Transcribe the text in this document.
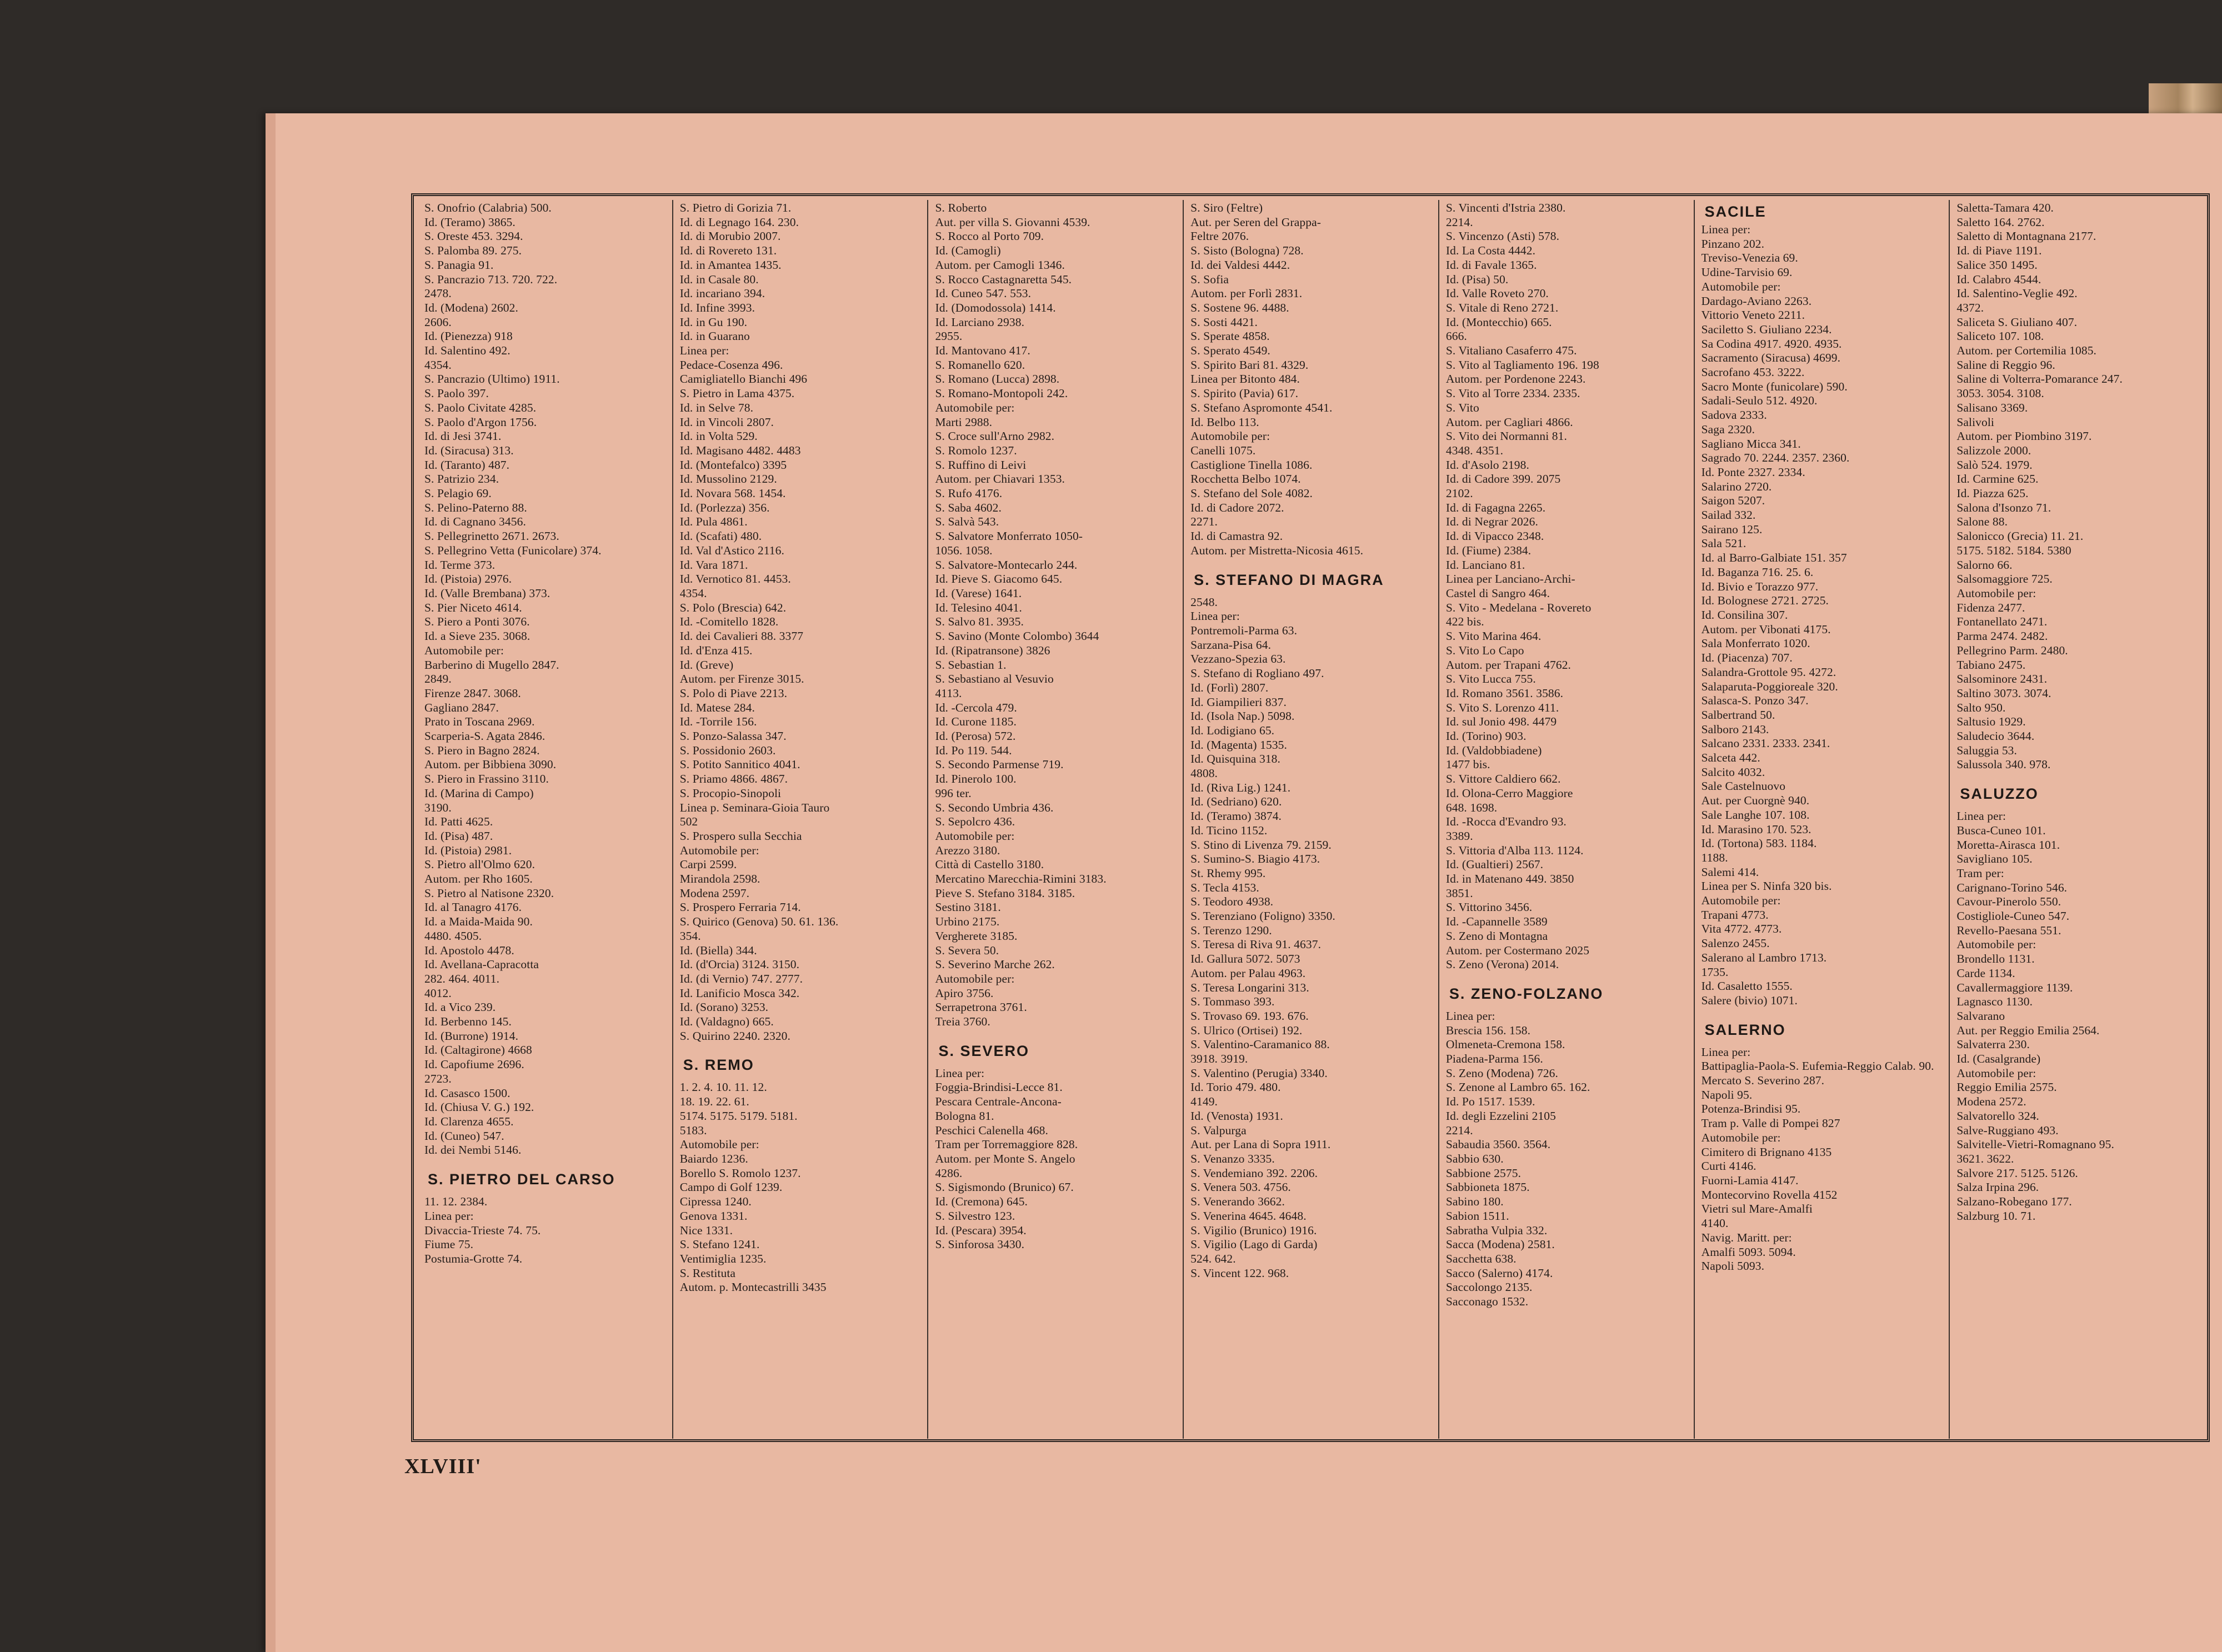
S. Onofrio (Calabria) 500.
Id. (Teramo) 3865.
S. Oreste 453. 3294.
S. Palomba 89. 275.
S. Panagia 91.
S. Pancrazio 713. 720. 722.
2478.
Id. (Modena) 2602.
2606.
Id. (Pienezza) 918
Id. Salentino 492.
4354.
S. Pancrazio (Ultimo) 1911.
S. Paolo 397.
S. Paolo Civitate 4285.
S. Paolo d'Argon 1756.
Id. di Jesi 3741.
Id. (Siracusa) 313.
Id. (Taranto) 487.
S. Patrizio 234.
S. Pelagio 69.
S. Pelino-Paterno 88.
Id. di Cagnano 3456.
S. Pellegrinetto 2671. 2673.
S. Pellegrino Vetta (Funicolare) 374.
Id. Terme 373.
Id. (Pistoia) 2976.
Id. (Valle Brembana) 373.
S. Pier Niceto 4614.
S. Piero a Ponti 3076.
Id. a Sieve 235. 3068.
Automobile per:
Barberino di Mugello 2847.
2849.
Firenze 2847. 3068.
Gagliano 2847.
Prato in Toscana 2969.
Scarperia-S. Agata 2846.
S. Piero in Bagno 2824.
Autom. per Bibbiena 3090.
S. Piero in Frassino 3110.
Id. (Marina di Campo)
3190.
Id. Patti 4625.
Id. (Pisa) 487.
Id. (Pistoia) 2981.
S. Pietro all'Olmo 620.
Autom. per Rho 1605.
S. Pietro al Natisone 2320.
Id. al Tanagro 4176.
Id. a Maida-Maida 90.
4480. 4505.
Id. Apostolo 4478.
Id. Avellana-Capracotta
282. 464. 4011.
4012.
Id. a Vico 239.
Id. Berbenno 145.
Id. (Burrone) 1914.
Id. (Caltagirone) 4668
Id. Capofiume 2696.
2723.
Id. Casasco 1500.
Id. (Chiusa V. G.) 192.
Id. Clarenza 4655.
Id. (Cuneo) 547.
Id. dei Nembi 5146.
S. PIETRO DEL CARSO
11. 12. 2384.
Linea per:
Divaccia-Trieste 74. 75.
Fiume 75.
Postumia-Grotte 74.
S. Pietro di Gorizia 71.
Id. di Legnago 164. 230.
Id. di Morubio 2007.
Id. di Rovereto 131.
Id. in Amantea 1435.
Id. in Casale 80.
Id. incariano 394.
Id. Infine 3993.
Id. in Gu 190.
Id. in Guarano
Linea per:
Pedace-Cosenza 496.
Camigliatello Bianchi 496
S. Pietro in Lama 4375.
Id. in Selve 78.
Id. in Vincoli 2807.
Id. in Volta 529.
Id. Magisano 4482. 4483
Id. (Montefalco) 3395
Id. Mussolino 2129.
Id. Novara 568. 1454.
Id. (Porlezza) 356.
Id. Pula 4861.
Id. (Scafati) 480.
Id. Val d'Astico 2116.
Id. Vara 1871.
Id. Vernotico 81. 4453.
4354.
S. Polo (Brescia) 642.
Id. -Comitello 1828.
Id. dei Cavalieri 88. 3377
Id. d'Enza 415.
Id. (Greve)
Autom. per Firenze 3015.
S. Polo di Piave 2213.
Id. Matese 284.
Id. -Torrile 156.
S. Ponzo-Salassa 347.
S. Possidonio 2603.
S. Potito Sannitico 4041.
S. Priamo 4866. 4867.
S. Procopio-Sinopoli
Linea p. Seminara-Gioia Tauro
502
S. Prospero sulla Secchia
Automobile per:
Carpi 2599.
Mirandola 2598.
Modena 2597.
S. Prospero Ferraria 714.
S. Quirico (Genova) 50. 61. 136.
354.
Id. (Biella) 344.
Id. (d'Orcia) 3124. 3150.
Id. (di Vernio) 747. 2777.
Id. Lanificio Mosca 342.
Id. (Sorano) 3253.
Id. (Valdagno) 665.
S. Quirino 2240. 2320.
S. REMO
1. 2. 4. 10. 11. 12.
18. 19. 22. 61.
5174. 5175. 5179. 5181.
5183.
Automobile per:
Baiardo 1236.
Borello S. Romolo 1237.
Campo di Golf 1239.
Cipressa 1240.
Genova 1331.
Nice 1331.
S. Stefano 1241.
Ventimiglia 1235.
S. Restituta
Autom. p. Montecastrilli 3435
S. Roberto
Aut. per villa S. Giovanni 4539.
S. Rocco al Porto 709.
Id. (Camogli)
Autom. per Camogli 1346.
S. Rocco Castagnaretta 545.
Id. Cuneo 547. 553.
Id. (Domodossola) 1414.
Id. Larciano 2938.
2955.
Id. Mantovano 417.
S. Romanello 620.
S. Romano (Lucca) 2898.
S. Romano-Montopoli 242.
Automobile per:
Marti 2988.
S. Croce sull'Arno 2982.
S. Romolo 1237.
S. Ruffino di Leivi
Autom. per Chiavari 1353.
S. Rufo 4176.
S. Saba 4602.
S. Salvà 543.
S. Salvatore Monferrato 1050-
1056. 1058.
S. Salvatore-Montecarlo 244.
Id. Pieve S. Giacomo 645.
Id. (Varese) 1641.
Id. Telesino 4041.
S. Salvo 81. 3935.
S. Savino (Monte Colombo) 3644
Id. (Ripatransone) 3826
S. Sebastian 1.
S. Sebastiano al Vesuvio
4113.
Id. -Cercola 479.
Id. Curone 1185.
Id. (Perosa) 572.
Id. Po 119. 544.
S. Secondo Parmense 719.
Id. Pinerolo 100.
996 ter.
S. Secondo Umbria 436.
S. Sepolcro 436.
Automobile per:
Arezzo 3180.
Città di Castello 3180.
Mercatino Marecchia-Rimini 3183.
Pieve S. Stefano 3184. 3185.
Sestino 3181.
Urbino 2175.
Vergherete 3185.
S. Severa 50.
S. Severino Marche 262.
Automobile per:
Apiro 3756.
Serrapetrona 3761.
Treia 3760.
S. SEVERO
Linea per:
Foggia-Brindisi-Lecce 81.
Pescara Centrale-Ancona-
Bologna 81.
Peschici Calenella 468.
Tram per Torremaggiore 828.
Autom. per Monte S. Angelo
4286.
S. Sigismondo (Brunico) 67.
Id. (Cremona) 645.
S. Silvestro 123.
Id. (Pescara) 3954.
S. Sinforosa 3430.
S. Siro (Feltre)
Aut. per Seren del Grappa-
Feltre 2076.
S. Sisto (Bologna) 728.
Id. dei Valdesi 4442.
S. Sofia
Autom. per Forlì 2831.
S. Sostene 96. 4488.
S. Sosti 4421.
S. Sperate 4858.
S. Sperato 4549.
S. Spirito Bari 81. 4329.
Linea per Bitonto 484.
S. Spirito (Pavia) 617.
S. Stefano Aspromonte 4541.
Id. Belbo 113.
Automobile per:
Canelli 1075.
Castiglione Tinella 1086.
Rocchetta Belbo 1074.
S. Stefano del Sole 4082.
Id. di Cadore 2072.
2271.
Id. di Camastra 92.
Autom. per Mistretta-Nicosia 4615.
S. STEFANO DI MAGRA
2548.
Linea per:
Pontremoli-Parma 63.
Sarzana-Pisa 64.
Vezzano-Spezia 63.
S. Stefano di Rogliano 497.
Id. (Forlì) 2807.
Id. Giampilieri 837.
Id. (Isola Nap.) 5098.
Id. Lodigiano 65.
Id. (Magenta) 1535.
Id. Quisquina 318.
4808.
Id. (Riva Lig.) 1241.
Id. (Sedriano) 620.
Id. (Teramo) 3874.
Id. Ticino 1152.
S. Stino di Livenza 79. 2159.
S. Sumino-S. Biagio 4173.
St. Rhemy 995.
S. Tecla 4153.
S. Teodoro 4938.
S. Terenziano (Foligno) 3350.
S. Terenzo 1290.
S. Teresa di Riva 91. 4637.
Id. Gallura 5072. 5073
Autom. per Palau 4963.
S. Teresa Longarini 313.
S. Tommaso 393.
S. Trovaso 69. 193. 676.
S. Ulrico (Ortisei) 192.
S. Valentino-Caramanico 88.
3918. 3919.
S. Valentino (Perugia) 3340.
Id. Torio 479. 480.
4149.
Id. (Venosta) 1931.
S. Valpurga
Aut. per Lana di Sopra 1911.
S. Venanzo 3335.
S. Vendemiano 392. 2206.
S. Venera 503. 4756.
S. Venerando 3662.
S. Venerina 4645. 4648.
S. Vigilio (Brunico) 1916.
S. Vigilio (Lago di Garda)
524. 642.
S. Vincent 122. 968.
S. Vincenti d'Istria 2380.
2214.
S. Vincenzo (Asti) 578.
Id. La Costa 4442.
Id. di Favale 1365.
Id. (Pisa) 50.
Id. Valle Roveto 270.
S. Vitale di Reno 2721.
Id. (Montecchio) 665.
666.
S. Vitaliano Casaferro 475.
S. Vito al Tagliamento 196. 198
Autom. per Pordenone 2243.
S. Vito al Torre 2334. 2335.
S. Vito
Autom. per Cagliari 4866.
S. Vito dei Normanni 81.
4348. 4351.
Id. d'Asolo 2198.
Id. di Cadore 399. 2075
2102.
Id. di Fagagna 2265.
Id. di Negrar 2026.
Id. di Vipacco 2348.
Id. (Fiume) 2384.
Id. Lanciano 81.
Linea per Lanciano-Archi-
Castel di Sangro 464.
S. Vito - Medelana - Rovereto
422 bis.
S. Vito Marina 464.
S. Vito Lo Capo
Autom. per Trapani 4762.
S. Vito Lucca 755.
Id. Romano 3561. 3586.
S. Vito S. Lorenzo 411.
Id. sul Jonio 498. 4479
Id. (Torino) 903.
Id. (Valdobbiadene)
1477 bis.
S. Vittore Caldiero 662.
Id. Olona-Cerro Maggiore
648. 1698.
Id. -Rocca d'Evandro 93.
3389.
S. Vittoria d'Alba 113. 1124.
Id. (Gualtieri) 2567.
Id. in Matenano 449. 3850
3851.
S. Vittorino 3456.
Id. -Capannelle 3589
S. Zeno di Montagna
Autom. per Costermano 2025
S. Zeno (Verona) 2014.
S. ZENO-FOLZANO
Linea per:
Brescia 156. 158.
Olmeneta-Cremona 158.
Piadena-Parma 156.
S. Zeno (Modena) 726.
S. Zenone al Lambro 65. 162.
Id. Po 1517. 1539.
Id. degli Ezzelini 2105
2214.
Sabaudia 3560. 3564.
Sabbio 630.
Sabbione 2575.
Sabbioneta 1875.
Sabino 180.
Sabion 1511.
Sabratha Vulpia 332.
Sacca (Modena) 2581.
Sacchetta 638.
Sacco (Salerno) 4174.
Saccolongo 2135.
Sacconago 1532.
SACILE
Linea per:
Pinzano 202.
Treviso-Venezia 69.
Udine-Tarvisio 69.
Automobile per:
Dardago-Aviano 2263.
Vittorio Veneto 2211.
Saciletto S. Giuliano 2234.
Sa Codina 4917. 4920. 4935.
Sacramento (Siracusa) 4699.
Sacrofano 453. 3222.
Sacro Monte (funicolare) 590.
Sadali-Seulo 512. 4920.
Sadova 2333.
Saga 2320.
Sagliano Micca 341.
Sagrado 70. 2244. 2357. 2360.
Id. Ponte 2327. 2334.
Salarino 2720.
Saigon 5207.
Sailad 332.
Sairano 125.
Sala 521.
Id. al Barro-Galbiate 151. 357
Id. Baganza 716. 25. 6.
Id. Bivio e Torazzo 977.
Id. Bolognese 2721. 2725.
Id. Consilina 307.
Autom. per Vibonati 4175.
Sala Monferrato 1020.
Id. (Piacenza) 707.
Salandra-Grottole 95. 4272.
Salaparuta-Poggioreale 320.
Salasca-S. Ponzo 347.
Salbertrand 50.
Salboro 2143.
Salcano 2331. 2333. 2341.
Salceta 442.
Salcito 4032.
Sale Castelnuovo
Aut. per Cuorgnè 940.
Sale Langhe 107. 108.
Id. Marasino 170. 523.
Id. (Tortona) 583. 1184.
1188.
Salemi 414.
Linea per S. Ninfa 320 bis.
Automobile per:
Trapani 4773.
Vita 4772. 4773.
Salenzo 2455.
Salerano al Lambro 1713.
1735.
Id. Casaletto 1555.
Salere (bivio) 1071.
SALERNO
Linea per:
Battipaglia-Paola-S. Eufemia-Reggio Calab. 90.
Mercato S. Severino 287.
Napoli 95.
Potenza-Brindisi 95.
Tram p. Valle di Pompei 827
Automobile per:
Cimitero di Brignano 4135
Curti 4146.
Fuorni-Lamia 4147.
Montecorvino Rovella 4152
Vietri sul Mare-Amalfi
4140.
Navig. Maritt. per:
Amalfi 5093. 5094.
Napoli 5093.
Saletta-Tamara 420.
Saletto 164. 2762.
Saletto di Montagnana 2177.
Id. di Piave 1191.
Salice 350 1495.
Id. Calabro 4544.
Id. Salentino-Veglie 492.
4372.
Saliceta S. Giuliano 407.
Saliceto 107. 108.
Autom. per Cortemilia 1085.
Saline di Reggio 96.
Saline di Volterra-Pomarance 247.
3053. 3054. 3108.
Salisano 3369.
Salivoli
Autom. per Piombino 3197.
Salizzole 2000.
Salò 524. 1979.
Id. Carmine 625.
Id. Piazza 625.
Salona d'Isonzo 71.
Salone 88.
Salonicco (Grecia) 11. 21.
5175. 5182. 5184. 5380
Salorno 66.
Salsomaggiore 725.
Automobile per:
Fidenza 2477.
Fontanellato 2471.
Parma 2474. 2482.
Pellegrino Parm. 2480.
Tabiano 2475.
Salsominore 2431.
Saltino 3073. 3074.
Salto 950.
Saltusio 1929.
Saludecio 3644.
Saluggia 53.
Salussola 340. 978.
SALUZZO
Linea per:
Busca-Cuneo 101.
Moretta-Airasca 101.
Savigliano 105.
Tram per:
Carignano-Torino 546.
Cavour-Pinerolo 550.
Costigliole-Cuneo 547.
Revello-Paesana 551.
Automobile per:
Brondello 1131.
Carde 1134.
Cavallermaggiore 1139.
Lagnasco 1130.
Salvarano
Aut. per Reggio Emilia 2564.
Salvaterra 230.
Id. (Casalgrande)
Automobile per:
Reggio Emilia 2575.
Modena 2572.
Salvatorello 324.
Salve-Ruggiano 493.
Salvitelle-Vietri-Romagnano 95.
3621. 3622.
Salvore 217. 5125. 5126.
Salza Irpina 296.
Salzano-Robegano 177.
Salzburg 10. 71.
XLVIII'
